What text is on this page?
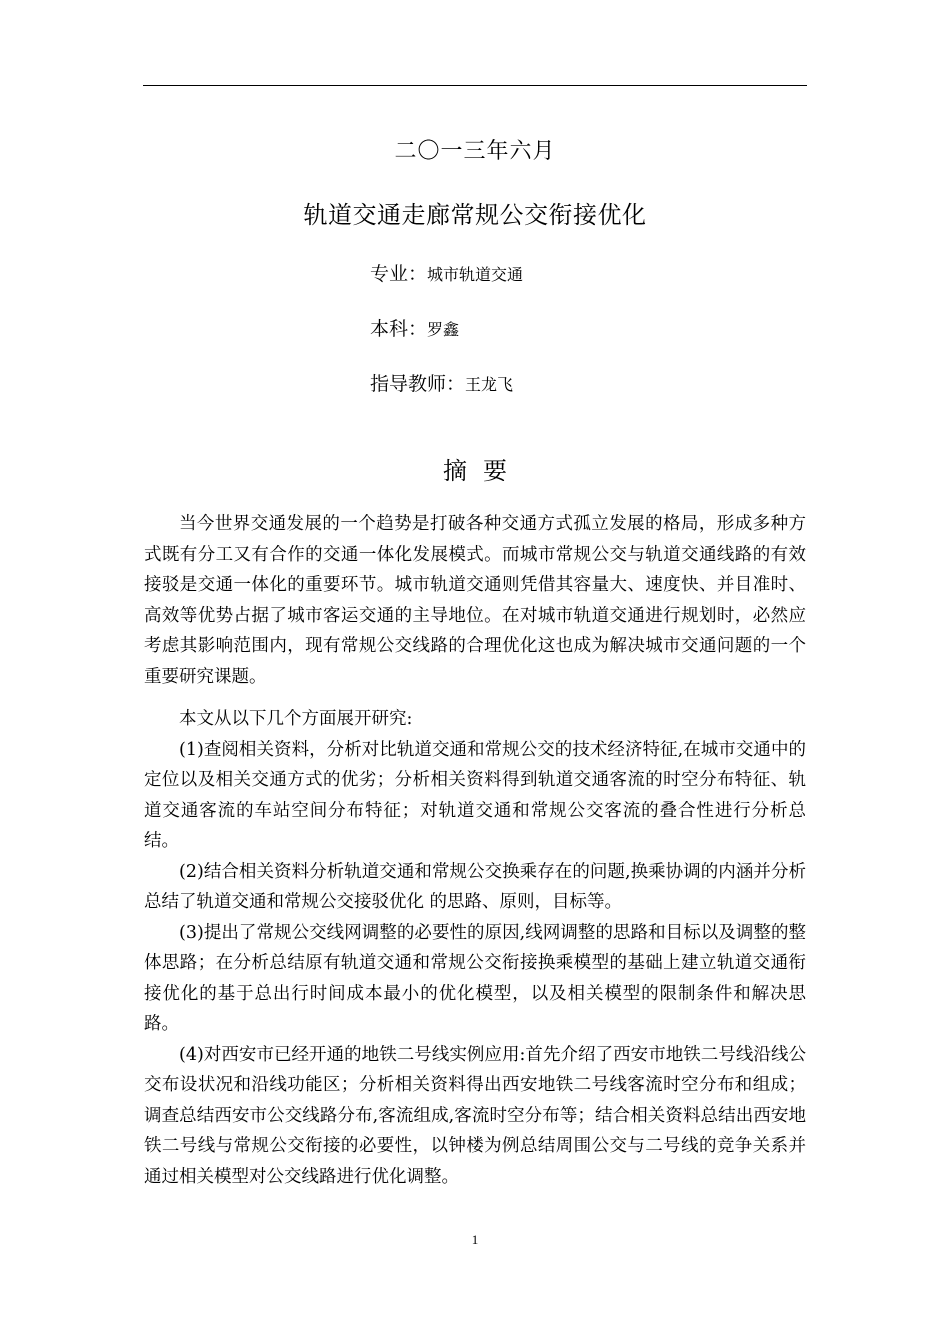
二〇一三年六月
轨道交通走廊常规公交衔接优化
专业：城市轨道交通
本科：罗鑫
指导教师：王龙飞
摘要

当今世界交通发展的一个趋势是打破各种交通方式孤立发展的格局，形成多种方式既有分工又有合作的交通一体化发展模式。而城市常规公交与轨道交通线路的有效接驳是交通一体化的重要环节。城市轨道交通则凭借其容量大、速度快、并目准时、高效等优势占据了城市客运交通的主导地位。在对城市轨道交通进行规划时，必然应考虑其影响范围内，现有常规公交线路的合理优化这也成为解决城市交通问题的一个重要研究课题。

本文从以下几个方面展开研究:

(1)查阅相关资料，分析对比轨道交通和常规公交的技术经济特征,在城市交通中的定位以及相关交通方式的优劣；分析相关资料得到轨道交通客流的时空分布特征、轨道交通客流的车站空间分布特征；对轨道交通和常规公交客流的叠合性进行分析总结。

(2)结合相关资料分析轨道交通和常规公交换乘存在的问题,换乘协调的内涵并分析总结了轨道交通和常规公交接驳优化 的思路、原则，目标等。

(3)提出了常规公交线网调整的必要性的原因,线网调整的思路和目标以及调整的整体思路；在分析总结原有轨道交通和常规公交衔接换乘模型的基础上建立轨道交通衔接优化的基于总出行时间成本最小的优化模型，以及相关模型的限制条件和解决思路。

(4)对西安市已经开通的地铁二号线实例应用:首先介绍了西安市地铁二号线沿线公交布设状况和沿线功能区；分析相关资料得出西安地铁二号线客流时空分布和组成；调查总结西安市公交线路分布,客流组成,客流时空分布等；结合相关资料总结出西安地铁二号线与常规公交衔接的必要性，以钟楼为例总结周围公交与二号线的竞争关系并通过相关模型对公交线路进行优化调整。

1
